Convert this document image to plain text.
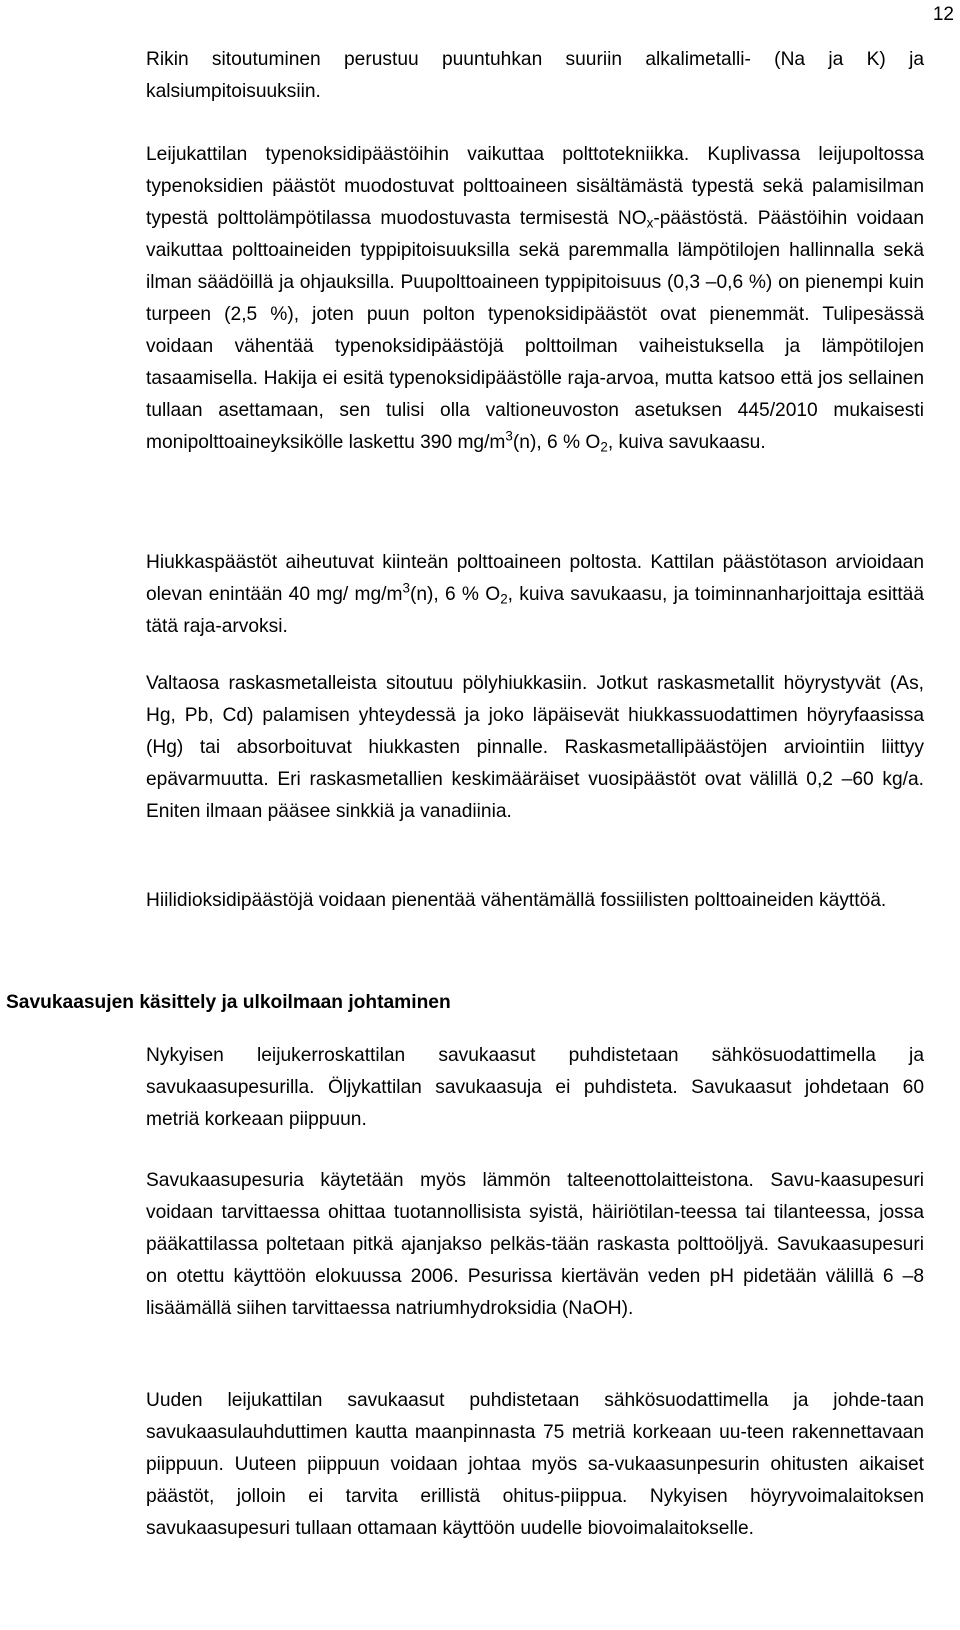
12

Rikin sitoutuminen perustuu puuntuhkan suuriin alkalimetalli- (Na ja K) ja kalsiumpitoisuuksiin.

Leijukattilan typenoksidipäästöihin vaikuttaa polttotekniikka. Kuplivassa leijupoltossa typenoksidien päästöt muodostuvat polttoaineen sisältämästä typestä sekä palamisilman typestä polttolämpötilassa muodostuvasta termisestä $NO_x$-päästöstä. Päästöihin voidaan vaikuttaa polttoaineiden typpipitoisuuksilla sekä paremmalla lämpötilojen hallinnalla sekä ilman säädöillä ja ohjauksilla. Puupolttoaineen typpipitoisuus (0,3 –0,6 %) on pienempi kuin turpeen (2,5 %), joten puun polton typenoksidipäästöt ovat pienemmät. Tulipesässä voidaan vähentää typenoksidipäästöjä polttoilman vaiheistuksella ja lämpötilojen tasaamisella. Hakija ei esitä typenoksidipäästölle raja-arvoa, mutta katsoo että jos sellainen tullaan asettamaan, sen tulisi olla valtioneuvoston asetuksen 445/2010 mukaisesti monipolttoaineyksikölle laskettu 390 $mg/m^3(n)$, 6 % $O_2$, kuiva savukaasu.

Hiukkaspäästöt aiheutuvat kiinteän polttoaineen poltosta. Kattilan päästötason arvioidaan olevan enintään 40 mg/ $mg/m^3(n)$, 6 % $O_2$, kuiva savukaasu, ja toiminnanharjoittaja esittää tätä raja-arvoksi.

Valtaosa raskasmetalleista sitoutuu pölyhiukkasiin. Jotkut raskasmetallit höyrystyvät (As, Hg, Pb, Cd) palamisen yhteydessä ja joko läpäisevät hiukkassuodattimen höyryfaasissa (Hg) tai absorboituvat hiukkasten pinnalle. Raskasmetallipäästöjen arviointiin liittyy epävarmuutta. Eri raskasmetallien keskimääräiset vuosipäästöt ovat välillä 0,2 –60 kg/a. Eniten ilmaan pääsee sinkkiä ja vanadiinia.

Hiilidioksidipäästöjä voidaan pienentää vähentämällä fossiilisten polttoaineiden käyttöä.

Savukaasujen käsittely ja ulkoilmaan johtaminen

Nykyisen leijukerroskattilan savukaasut puhdistetaan sähkösuodattimella ja savukaasupesurilla. Öljykattilan savukaasuja ei puhdisteta. Savukaasut johdetaan 60 metriä korkeaan piippuun.

Savukaasupesuria käytetään myös lämmön talteenottolaitteistona. Savu-kaasupesuri voidaan tarvittaessa ohittaa tuotannollisista syistä, häiriötilan-teessa tai tilanteessa, jossa pääkattilassa poltetaan pitkä ajanjakso pelkäs-tään raskasta polttoöljyä. Savukaasupesuri on otettu käyttöön elokuussa 2006. Pesurissa kiertävän veden pH pidetään välillä 6 –8 lisäämällä siihen tarvittaessa natriumhydroksidia (NaOH).

Uuden leijukattilan savukaasut puhdistetaan sähkösuodattimella ja johde-taan savukaasulauhduttimen kautta maanpinnasta 75 metriä korkeaan uu-teen rakennettavaan piippuun. Uuteen piippuun voidaan johtaa myös sa-vukaasunpesurin ohitusten aikaiset päästöt, jolloin ei tarvita erillistä ohitus-piippua. Nykyisen höyryvoimalaitoksen savukaasupesuri tullaan ottamaan käyttöön uudelle biovoimalaitokselle.
